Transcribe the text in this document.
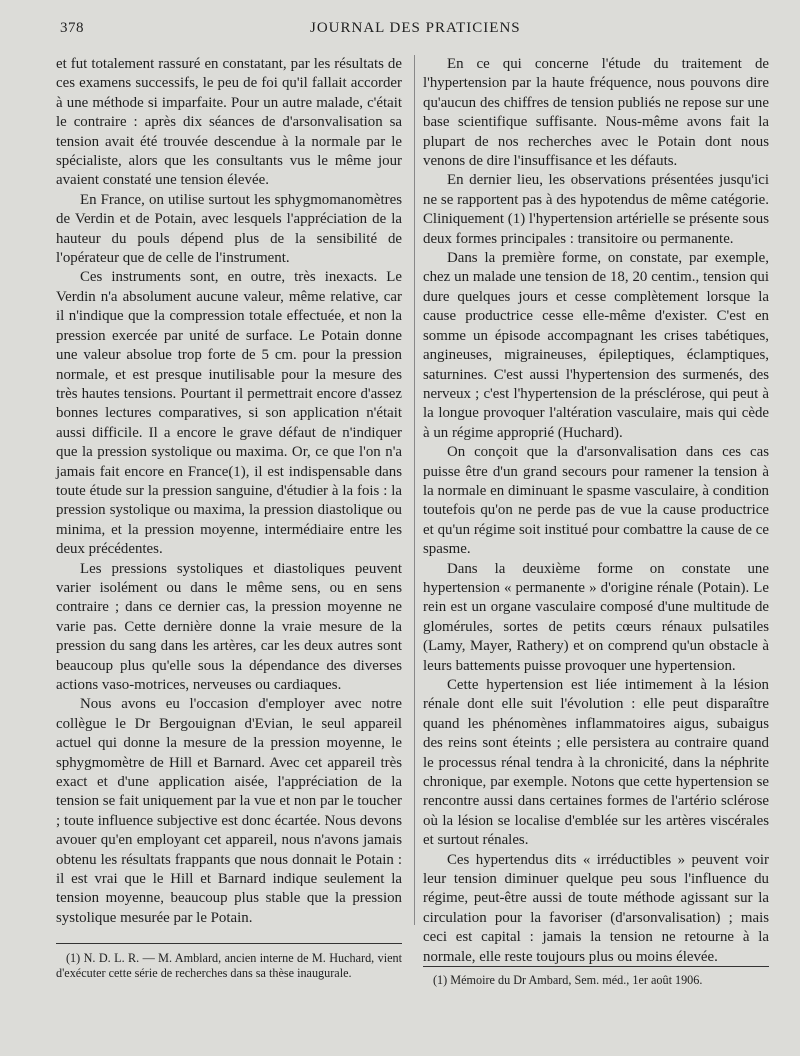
378	JOURNAL DES PRATICIENS

et fut totalement rassuré en constatant, par les résultats de ces examens successifs, le peu de foi qu'il fallait accorder à une méthode si imparfaite. Pour un autre malade, c'était le contraire : après dix séances de d'arsonvalisation sa tension avait été trouvée descendue à la normale par le spécialiste, alors que les consultants vus le même jour avaient constaté une tension élevée.

En France, on utilise surtout les sphygmomanomètres de Verdin et de Potain, avec lesquels l'appréciation de la hauteur du pouls dépend plus de la sensibilité de l'opérateur que de celle de l'instrument.

Ces instruments sont, en outre, très inexacts. Le Verdin n'a absolument aucune valeur, même relative, car il n'indique que la compression totale effectuée, et non la pression exercée par unité de surface. Le Potain donne une valeur absolue trop forte de 5 cm. pour la pression normale, et est presque inutilisable pour la mesure des très hautes tensions. Pourtant il permettrait encore d'assez bonnes lectures comparatives, si son application n'était aussi difficile. Il a encore le grave défaut de n'indiquer que la pression systolique ou maxima. Or, ce que l'on n'a jamais fait encore en France(1), il est indispensable dans toute étude sur la pression sanguine, d'étudier à la fois : la pression systolique ou maxima, la pression diastolique ou minima, et la pression moyenne, intermédiaire entre les deux précédentes.

Les pressions systoliques et diastoliques peuvent varier isolément ou dans le même sens, ou en sens contraire ; dans ce dernier cas, la pression moyenne ne varie pas. Cette dernière donne la vraie mesure de la pression du sang dans les artères, car les deux autres sont beaucoup plus qu'elle sous la dépendance des diverses actions vaso-motrices, nerveuses ou cardiaques.

Nous avons eu l'occasion d'employer avec notre collègue le Dr Bergouignan d'Evian, le seul appareil actuel qui donne la mesure de la pression moyenne, le sphygmomètre de Hill et Barnard. Avec cet appareil très exact et d'une application aisée, l'appréciation de la tension se fait uniquement par la vue et non par le toucher ; toute influence subjective est donc écartée. Nous devons avouer qu'en employant cet appareil, nous n'avons jamais obtenu les résultats frappants que nous donnait le Potain : il est vrai que le Hill et Barnard indique seulement la tension moyenne, beaucoup plus stable que la pression systolique mesurée par le Potain.

En ce qui concerne l'étude du traitement de l'hypertension par la haute fréquence, nous pouvons dire qu'aucun des chiffres de tension publiés ne repose sur une base scientifique suffisante. Nous-même avons fait la plupart de nos recherches avec le Potain dont nous venons de dire l'insuffisance et les défauts.

En dernier lieu, les observations présentées jusqu'ici ne se rapportent pas à des hypotendus de même catégorie. Cliniquement (1) l'hypertension artérielle se présente sous deux formes principales : transitoire ou permanente.

Dans la première forme, on constate, par exemple, chez un malade une tension de 18, 20 centim., tension qui dure quelques jours et cesse complètement lorsque la cause productrice cesse elle-même d'exister. C'est en somme un épisode accompagnant les crises tabétiques, angineuses, migraineuses, épileptiques, éclamptiques, saturnines. C'est aussi l'hypertension des surmenés, des nerveux ; c'est l'hypertension de la présclérose, qui peut à la longue provoquer l'altération vasculaire, mais qui cède à un régime approprié (Huchard).

On conçoit que la d'arsonvalisation dans ces cas puisse être d'un grand secours pour ramener la tension à la normale en diminuant le spasme vasculaire, à condition toutefois qu'on ne perde pas de vue la cause productrice et qu'un régime soit institué pour combattre la cause de ce spasme.

Dans la deuxième forme on constate une hypertension « permanente » d'origine rénale (Potain). Le rein est un organe vasculaire composé d'une multitude de glomérules, sortes de petits cœurs rénaux pulsatiles (Lamy, Mayer, Rathery) et on comprend qu'un obstacle à leurs battements puisse provoquer une hypertension.

Cette hypertension est liée intimement à la lésion rénale dont elle suit l'évolution : elle peut disparaître quand les phénomènes inflammatoires aigus, subaigus des reins sont éteints ; elle persistera au contraire quand le processus rénal tendra à la chronicité, dans la néphrite chronique, par exemple. Notons que cette hypertension se rencontre aussi dans certaines formes de l'artério sclérose où la lésion se localise d'emblée sur les artères viscérales et surtout rénales.

Ces hypertendus dits « irréductibles » peuvent voir leur tension diminuer quelque peu sous l'influence du régime, peut-être aussi de toute méthode agissant sur la circulation pour la favoriser (d'arsonvalisation) ; mais ceci est capital : jamais la tension ne retourne à la normale, elle reste toujours plus ou moins élevée.

(1) N. D. L. R. — M. Amblard, ancien interne de M. Huchard, vient d'exécuter cette série de recherches dans sa thèse inaugurale.	(1) Mémoire du Dr Ambard, Sem. méd., 1er août 1906.
